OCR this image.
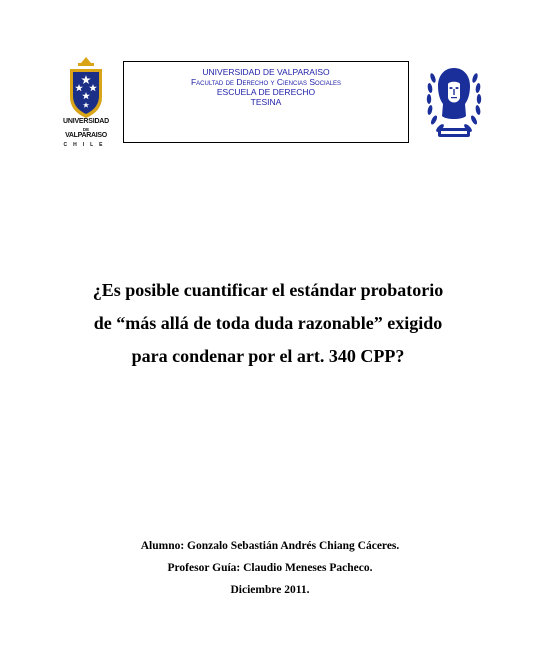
UNIVERSIDAD
DE
VALPARAISO
CHILE
UNIVERSIDAD DE VALPARAISO
Facultad de Derecho y Ciencias Sociales
ESCUELA DE DERECHO
TESINA
¿Es posible cuantificar el estándar probatorio
de “más allá de toda duda razonable” exigido
para condenar por el art. 340 CPP?
Alumno: Gonzalo Sebastián Andrés Chiang Cáceres.
Profesor Guía: Claudio Meneses Pacheco.
Diciembre 2011.
